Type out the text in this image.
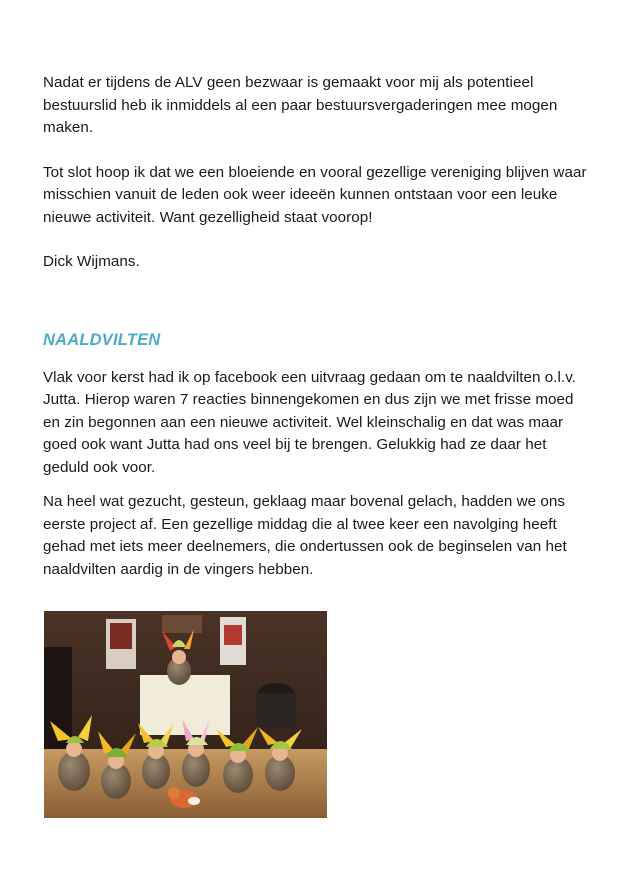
Nadat er tijdens de ALV geen bezwaar is gemaakt voor mij als potentieel bestuurslid heb ik inmiddels al een paar bestuursvergaderingen mee mogen maken.

Tot slot hoop ik dat we een bloeiende en vooral gezellige vereniging blijven waar misschien vanuit de leden ook weer ideeën kunnen ontstaan voor een leuke nieuwe activiteit. Want gezelligheid staat voorop!

Dick Wijmans.

NAALDVILTEN

Vlak voor kerst had ik op facebook een uitvraag gedaan om te naaldvilten o.l.v. Jutta. Hierop waren 7 reacties binnengekomen en dus zijn we met frisse moed en zin begonnen aan een nieuwe activiteit. Wel kleinschalig en dat was maar goed ook want Jutta had ons veel bij te brengen. Gelukkig had ze daar het geduld ook voor.

Na heel wat gezucht, gesteun, geklaag maar bovenal gelach, hadden we ons eerste project af. Een gezellige middag die al twee keer een navolging heeft gehad met iets meer deelnemers, die ondertussen ook de beginselen van het naaldvilten aardig in de vingers hebben.
